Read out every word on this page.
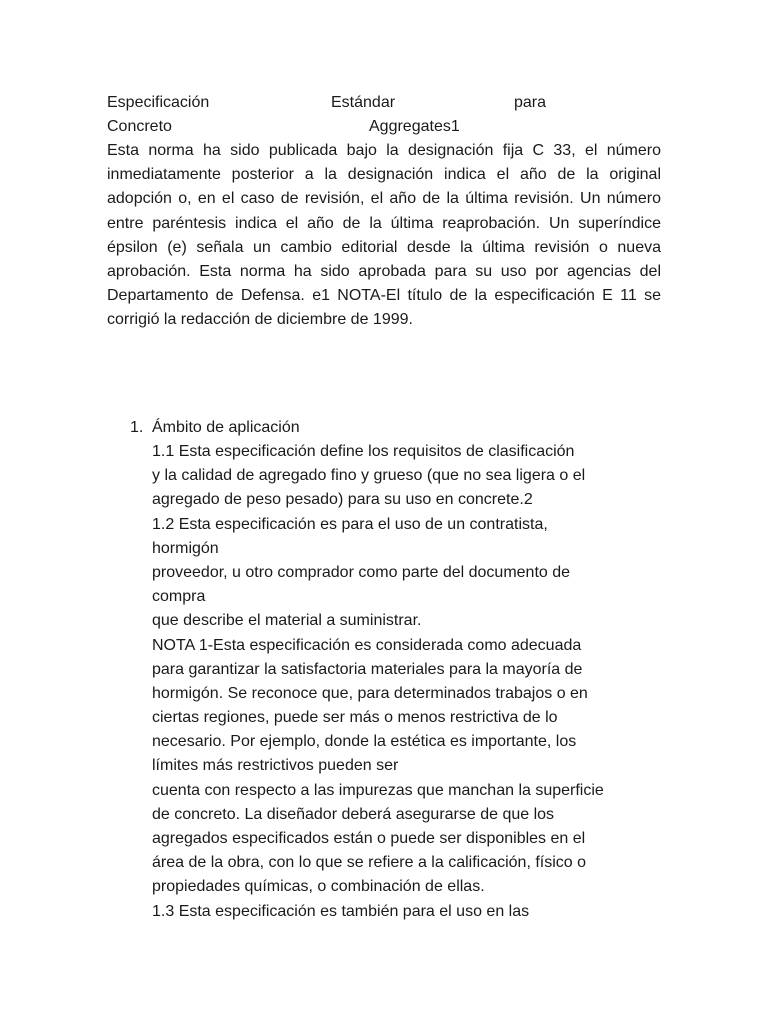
Especificación	Estándar	para
Concreto	Aggregates1

Esta norma ha sido publicada bajo la designación fija C 33, el número inmediatamente posterior a la designación indica el año de la original adopción o, en el caso de revisión, el año de la última revisión. Un número entre paréntesis indica el año de la última reaprobación. Un superíndice épsilon (e) señala un cambio editorial desde la última revisión o nueva aprobación. Esta norma ha sido aprobada para su uso por agencias del Departamento de Defensa. e1 NOTA-El título de la especificación E 11 se corrigió la redacción de diciembre de 1999.

1. Ámbito de aplicación
1.1 Esta especificación define los requisitos de clasificación
y la calidad de agregado fino y grueso (que no sea ligera o el
agregado de peso pesado) para su uso en concrete.2
1.2 Esta especificación es para el uso de un contratista,
hormigón
proveedor, u otro comprador como parte del documento de
compra
que describe el material a suministrar.
NOTA 1-Esta especificación es considerada como adecuada
para garantizar la satisfactoria materiales para la mayoría de
hormigón. Se reconoce que, para determinados trabajos o en
ciertas regiones, puede ser más o menos restrictiva de lo
necesario. Por ejemplo, donde la estética es importante, los
límites más restrictivos pueden ser
cuenta con respecto a las impurezas que manchan la superficie
de concreto. La diseñador deberá asegurarse de que los
agregados especificados están o puede ser disponibles en el
área de la obra, con lo que se refiere a la calificación, físico o
propiedades químicas, o combinación de ellas.
1.3 Esta especificación es también para el uso en las
